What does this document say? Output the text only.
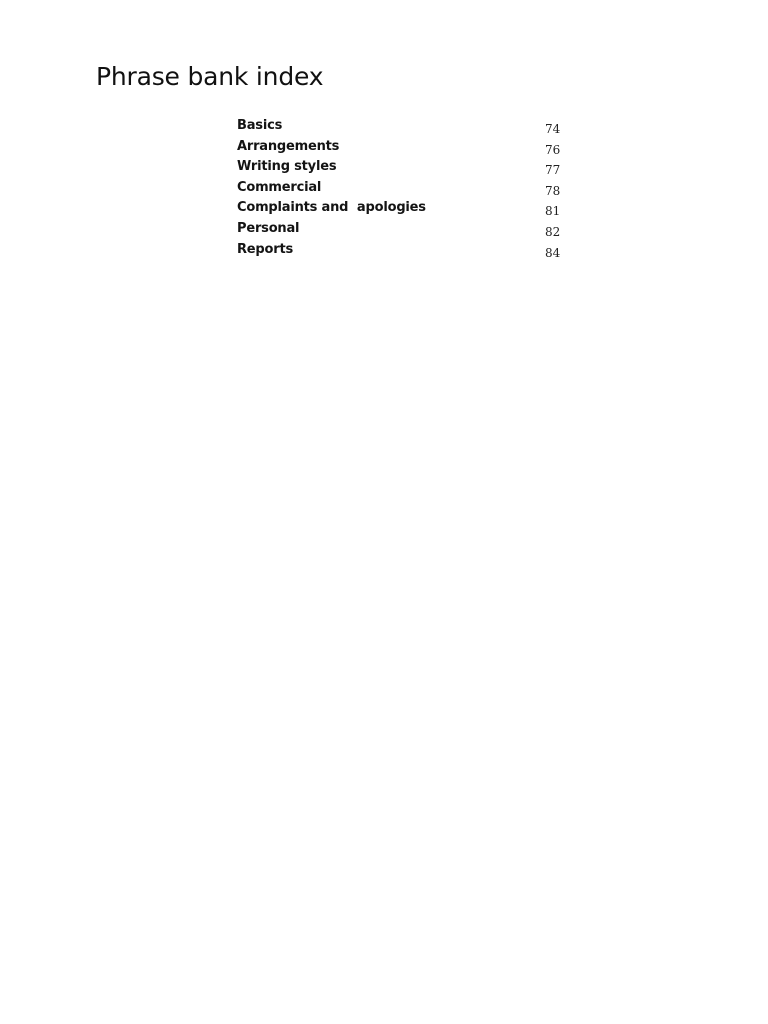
Phrase bank index
Basics	74
Arrangements	76
Writing styles	77
Commercial	78
Complaints and  apologies	81
Personal	82
Reports	84
